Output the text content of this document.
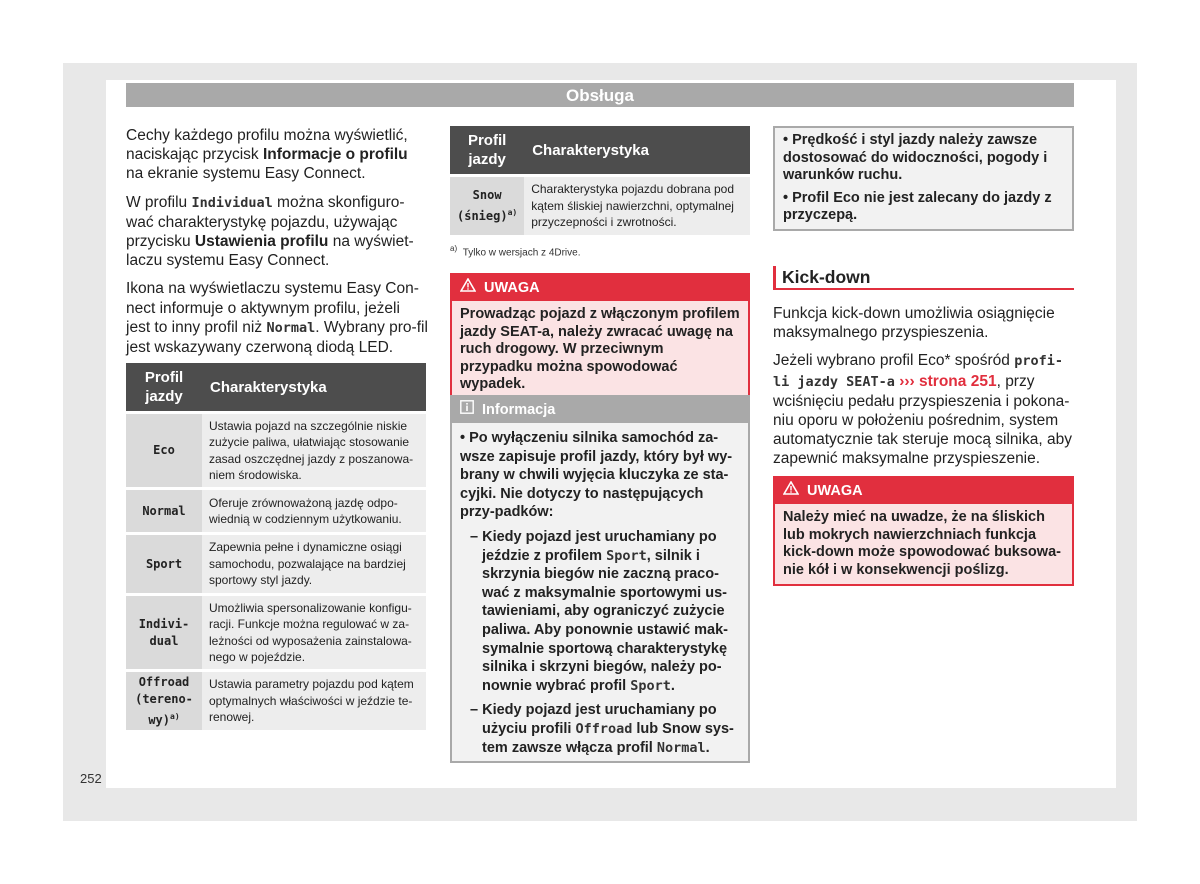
Obsługa

Cechy każdego profilu można wyświetlić, naciskając przycisk Informacje o profilu na ekranie systemu Easy Connect.

W profilu Individual można skonfiguro-wać charakterystykę pojazdu, używając przycisku Ustawienia profilu na wyświet-laczu systemu Easy Connect.

Ikona na wyświetlaczu systemu Easy Con-nect informuje o aktywnym profilu, jeżeli jest to inny profil niż Normal. Wybrany pro-fil jest wskazywany czerwoną diodą LED.

Profil jazdy	Charakterystyka

Eco	Ustawia pojazd na szczególnie niskie zużycie paliwa, ułatwiając stosowanie zasad oszczędnej jazdy z poszanowa-niem środowiska.

Normal	Oferuje zrównoważoną jazdę odpo-wiednią w codziennym użytkowaniu.

Sport	Zapewnia pełne i dynamiczne osiągi samochodu, pozwalające na bardziej sportowy styl jazdy.

Indivi-dual	Umożliwia spersonalizowanie konfigu-racji. Funkcje można regulować w za-leżności od wyposażenia zainstalowa-nego w pojeździe.

Offroad (tereno-wy)$^{a)}$	Ustawia parametry pojazdu pod kątem optymalnych właściwości w jeździe te-renowej.
Profil jazdy	Charakterystyka

Snow (śnieg)$^{a)}$	Charakterystyka pojazdu dobrana pod kątem śliskiej nawierzchni, optymalnej przyczepności i zwrotności.
$^{a)}$ Tylko w wersjach z 4Drive.
UWAGA
Prowadząc pojazd z włączonym profilem jazdy SEAT-a, należy zwracać uwagę na ruch drogowy. W przeciwnym przypadku można spowodować wypadek.
Informacja
• Po wyłączeniu silnika samochód za-wsze zapisuje profil jazdy, który był wy-brany w chwili wyjęcia kluczyka ze sta-cyjki. Nie dotyczy to następujących przy-padków:
– Kiedy pojazd jest uruchamiany po jeździe z profilem Sport, silnik i skrzynia biegów nie zaczną praco-wać z maksymalnie sportowymi us-tawieniami, aby ograniczyć zużycie paliwa. Aby ponownie ustawić mak-symalnie sportową charakterystykę silnika i skrzyni biegów, należy po-nownie wybrać profil Sport.
– Kiedy pojazd jest uruchamiany po użyciu profili Offroad lub Snow sys-tem zawsze włącza profil Normal.

• Prędkość i styl jazdy należy zawsze dostosować do widoczności, pogody i warunków ruchu.

• Profil Eco nie jest zalecany do jazdy z przyczepą.

Kick-down

Funkcja kick-down umożliwia osiągnięcie maksymalnego przyspieszenia.

Jeżeli wybrano profil Eco* spośród profi-li jazdy SEAT-a ››› strona 251, przy wciśnięciu pedału przyspieszenia i pokona-niu oporu w położeniu pośrednim, system automatycznie tak steruje mocą silnika, aby zapewnić maksymalne przyspieszenie.

UWAGA
Należy mieć na uwadze, że na śliskich lub mokrych nawierzchniach funkcja kick-down może spowodować buksowa-nie kół i w konsekwencji poślizg.
252
